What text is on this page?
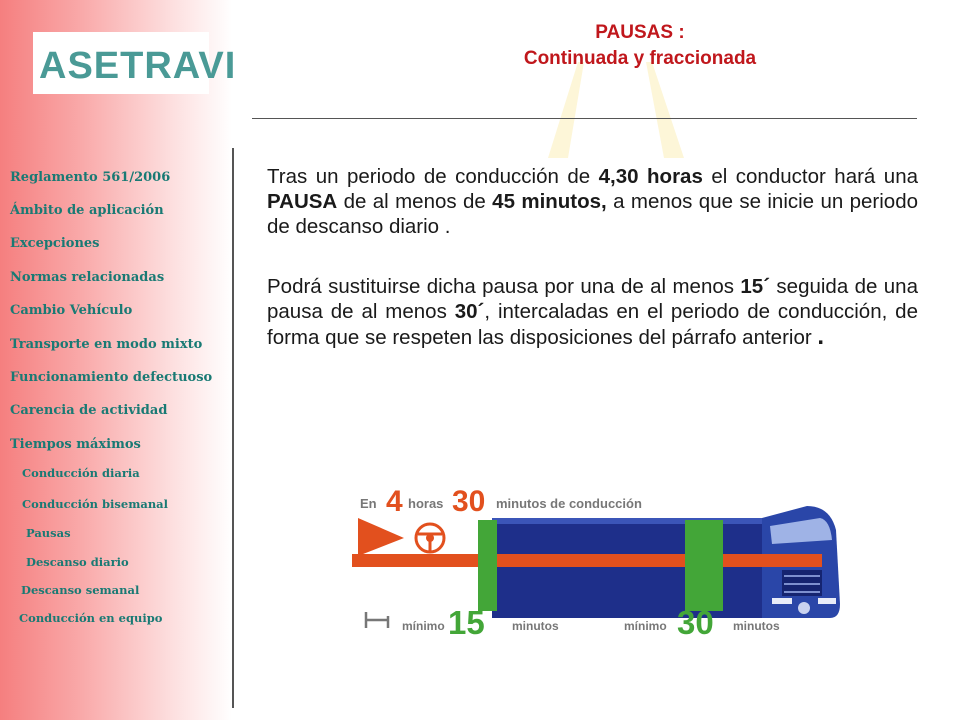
ASETRAVI
Reglamento 561/2006
Ámbito de aplicación
Excepciones
Normas relacionadas
Cambio Vehículo
Transporte en modo mixto
Funcionamiento defectuoso
Carencia de actividad
Tiempos máximos
Conducción diaria
Conducción bisemanal
Pausas
Descanso diario
Descanso semanal
Conducción en equipo
PAUSAS :
Continuada y fraccionada

Tras un periodo de conducción de 4,30 horas el conductor hará una PAUSA de al menos de 45 minutos, a menos que se inicie un periodo de descanso diario .

Podrá sustituirse dicha pausa por una de al menos 15´ seguida de una pausa de al menos 30´, intercaladas en el periodo de conducción, de forma que se respeten las disposiciones del párrafo anterior .

En 4 horas 30 minutos de conducción
mínimo 15 minutos	mínimo 30 minutos
